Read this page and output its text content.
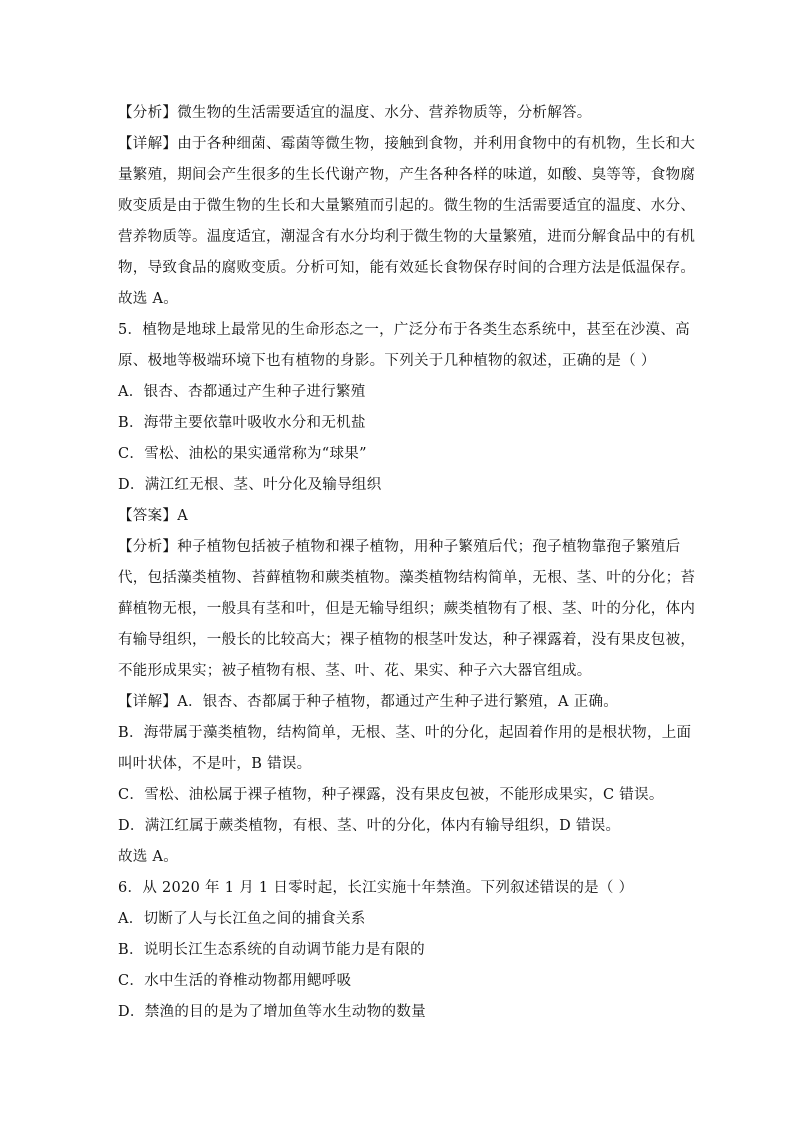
【分析】微生物的生活需要适宜的温度、水分、营养物质等，分析解答。
【详解】由于各种细菌、霉菌等微生物，接触到食物，并利用食物中的有机物，生长和大
量繁殖，期间会产生很多的生长代谢产物，产生各种各样的味道，如酸、臭等等，食物腐
败变质是由于微生物的生长和大量繁殖而引起的。微生物的生活需要适宜的温度、水分、
营养物质等。温度适宜，潮湿含有水分均利于微生物的大量繁殖，进而分解食品中的有机
物，导致食品的腐败变质。分析可知，能有效延长食物保存时间的合理方法是低温保存。
故选 A。
5．植物是地球上最常见的生命形态之一，广泛分布于各类生态系统中，甚至在沙漠、高
原、极地等极端环境下也有植物的身影。下列关于几种植物的叙述，正确的是（ ）
A．银杏、杏都通过产生种子进行繁殖
B．海带主要依靠叶吸收水分和无机盐
C．雪松、油松的果实通常称为“球果”
D．满江红无根、茎、叶分化及输导组织
【答案】A
【分析】种子植物包括被子植物和裸子植物，用种子繁殖后代；孢子植物靠孢子繁殖后
代，包括藻类植物、苔藓植物和蕨类植物。藻类植物结构简单，无根、茎、叶的分化；苔
藓植物无根，一般具有茎和叶，但是无输导组织；蕨类植物有了根、茎、叶的分化，体内
有输导组织，一般长的比较高大；裸子植物的根茎叶发达，种子裸露着，没有果皮包被，
不能形成果实；被子植物有根、茎、叶、花、果实、种子六大器官组成。
【详解】A．银杏、杏都属于种子植物，都通过产生种子进行繁殖，A 正确。
B．海带属于藻类植物，结构简单，无根、茎、叶的分化，起固着作用的是根状物，上面
叫叶状体，不是叶，B 错误。
C．雪松、油松属于裸子植物，种子裸露，没有果皮包被，不能形成果实，C 错误。
D．满江红属于蕨类植物，有根、茎、叶的分化，体内有输导组织，D 错误。
故选 A。
6．从 2020 年 1 月 1 日零时起，长江实施十年禁渔。下列叙述错误的是（ ）
A．切断了人与长江鱼之间的捕食关系
B．说明长江生态系统的自动调节能力是有限的
C．水中生活的脊椎动物都用鳃呼吸
D．禁渔的目的是为了增加鱼等水生动物的数量
